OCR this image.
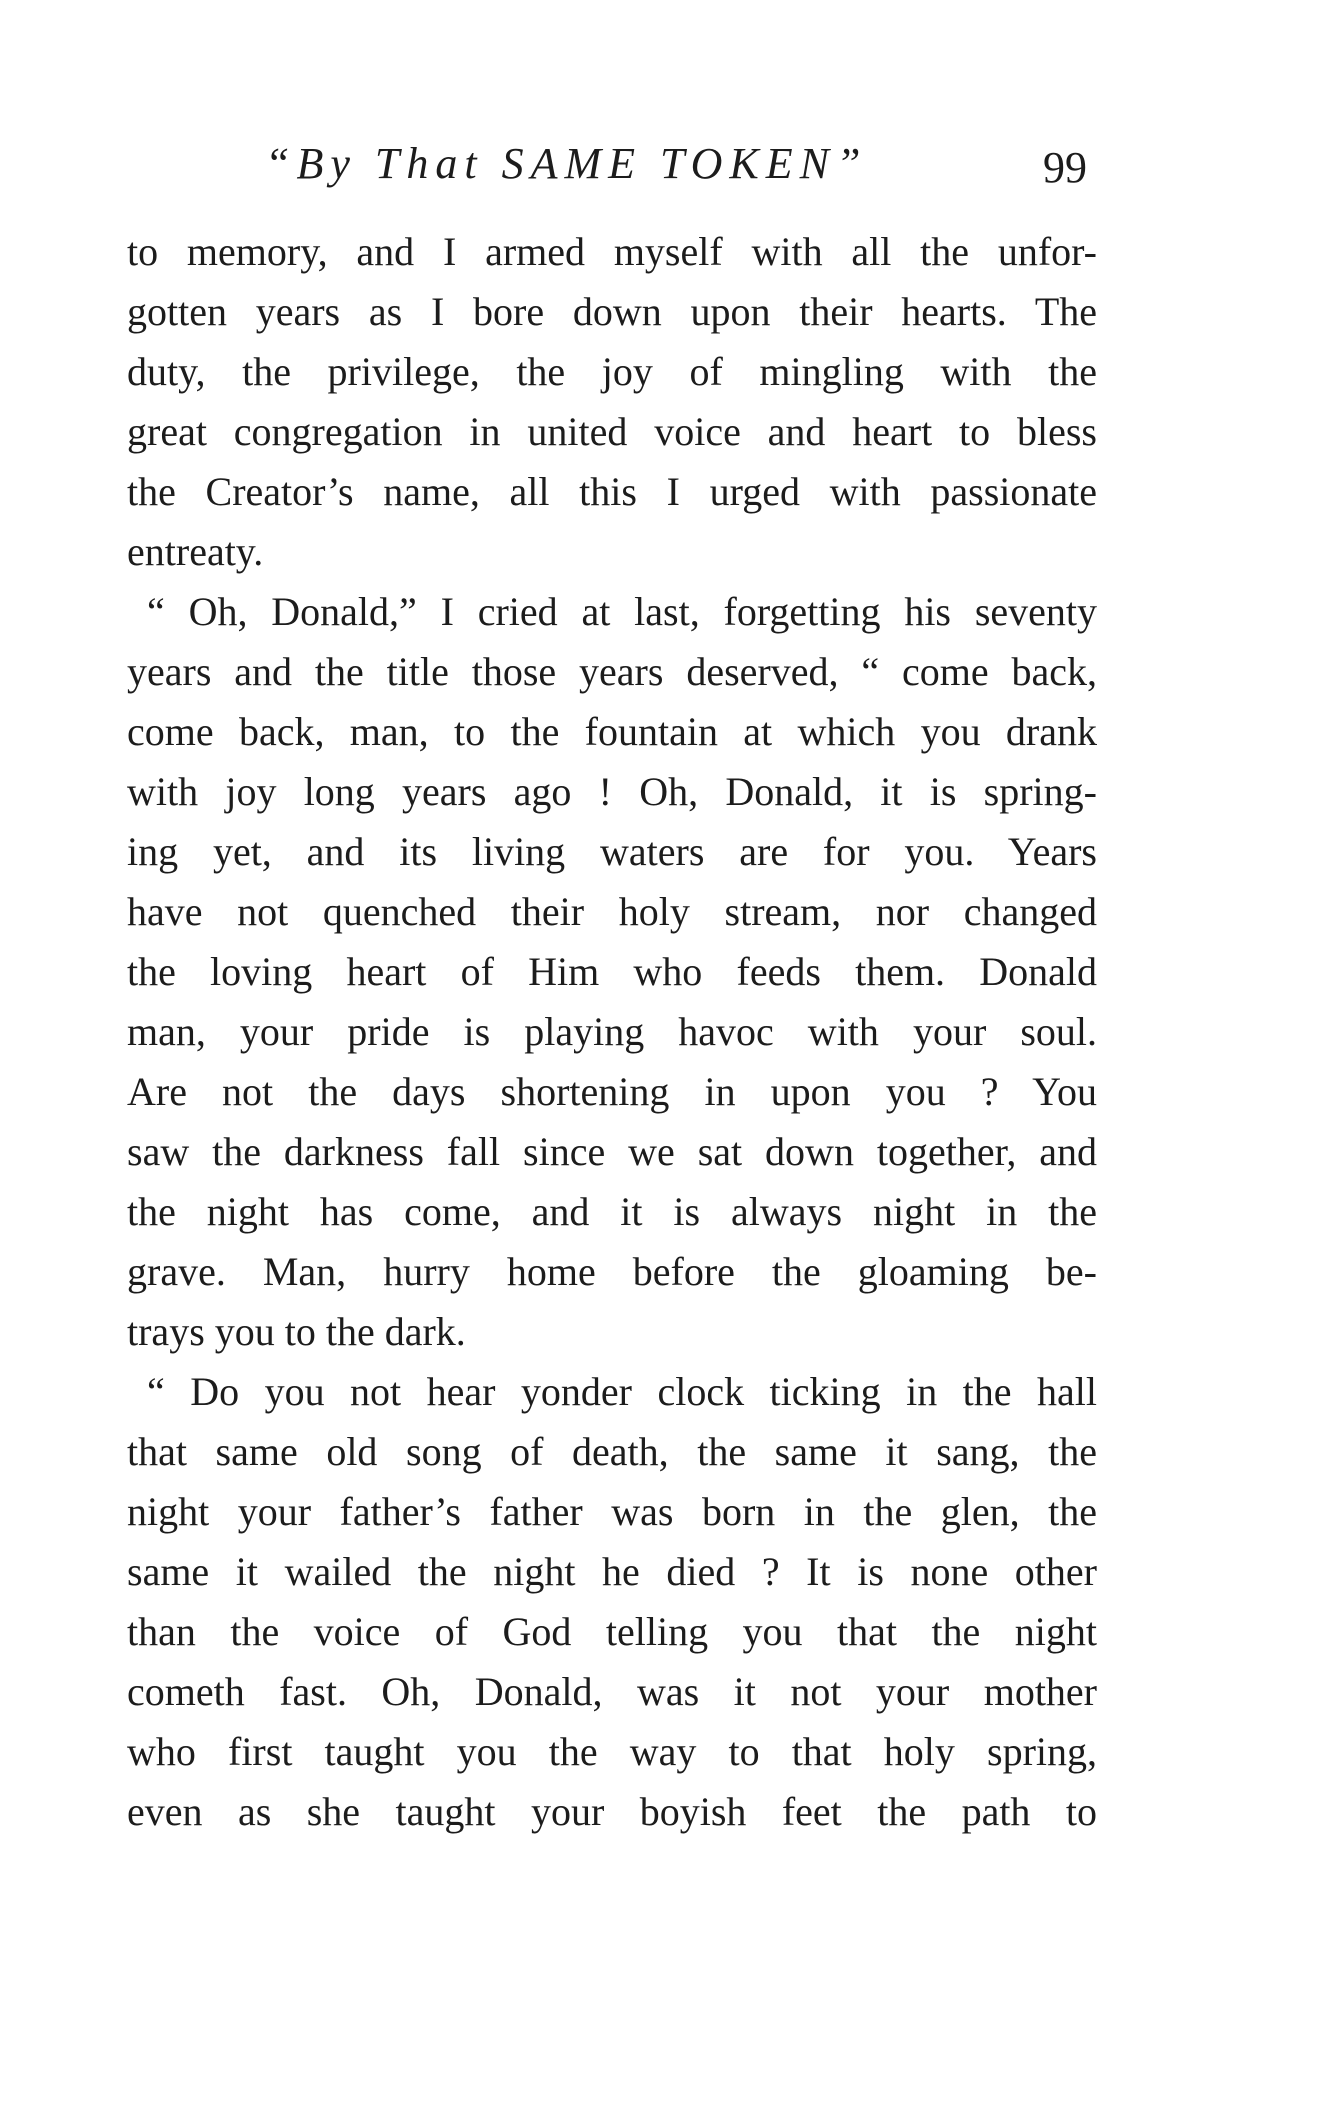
“By That SAME TOKEN”	99
to memory, and I armed myself with all the unfor-
gotten years as I bore down upon their hearts. The
duty, the privilege, the joy of mingling with the
great congregation in united voice and heart to bless
the Creator’s name, all this I urged with passionate
entreaty.
“ Oh, Donald,” I cried at last, forgetting his seventy
years and the title those years deserved, “ come back,
come back, man, to the fountain at which you drank
with joy long years ago ! Oh, Donald, it is spring-
ing yet, and its living waters are for you. Years
have not quenched their holy stream, nor changed
the loving heart of Him who feeds them. Donald
man, your pride is playing havoc with your soul.
Are not the days shortening in upon you ? You
saw the darkness fall since we sat down together, and
the night has come, and it is always night in the
grave. Man, hurry home before the gloaming be-
trays you to the dark.
“ Do you not hear yonder clock ticking in the hall
that same old song of death, the same it sang, the
night your father’s father was born in the glen, the
same it wailed the night he died ? It is none other
than the voice of God telling you that the night
cometh fast. Oh, Donald, was it not your mother
who first taught you the way to that holy spring,
even as she taught your boyish feet the path to
